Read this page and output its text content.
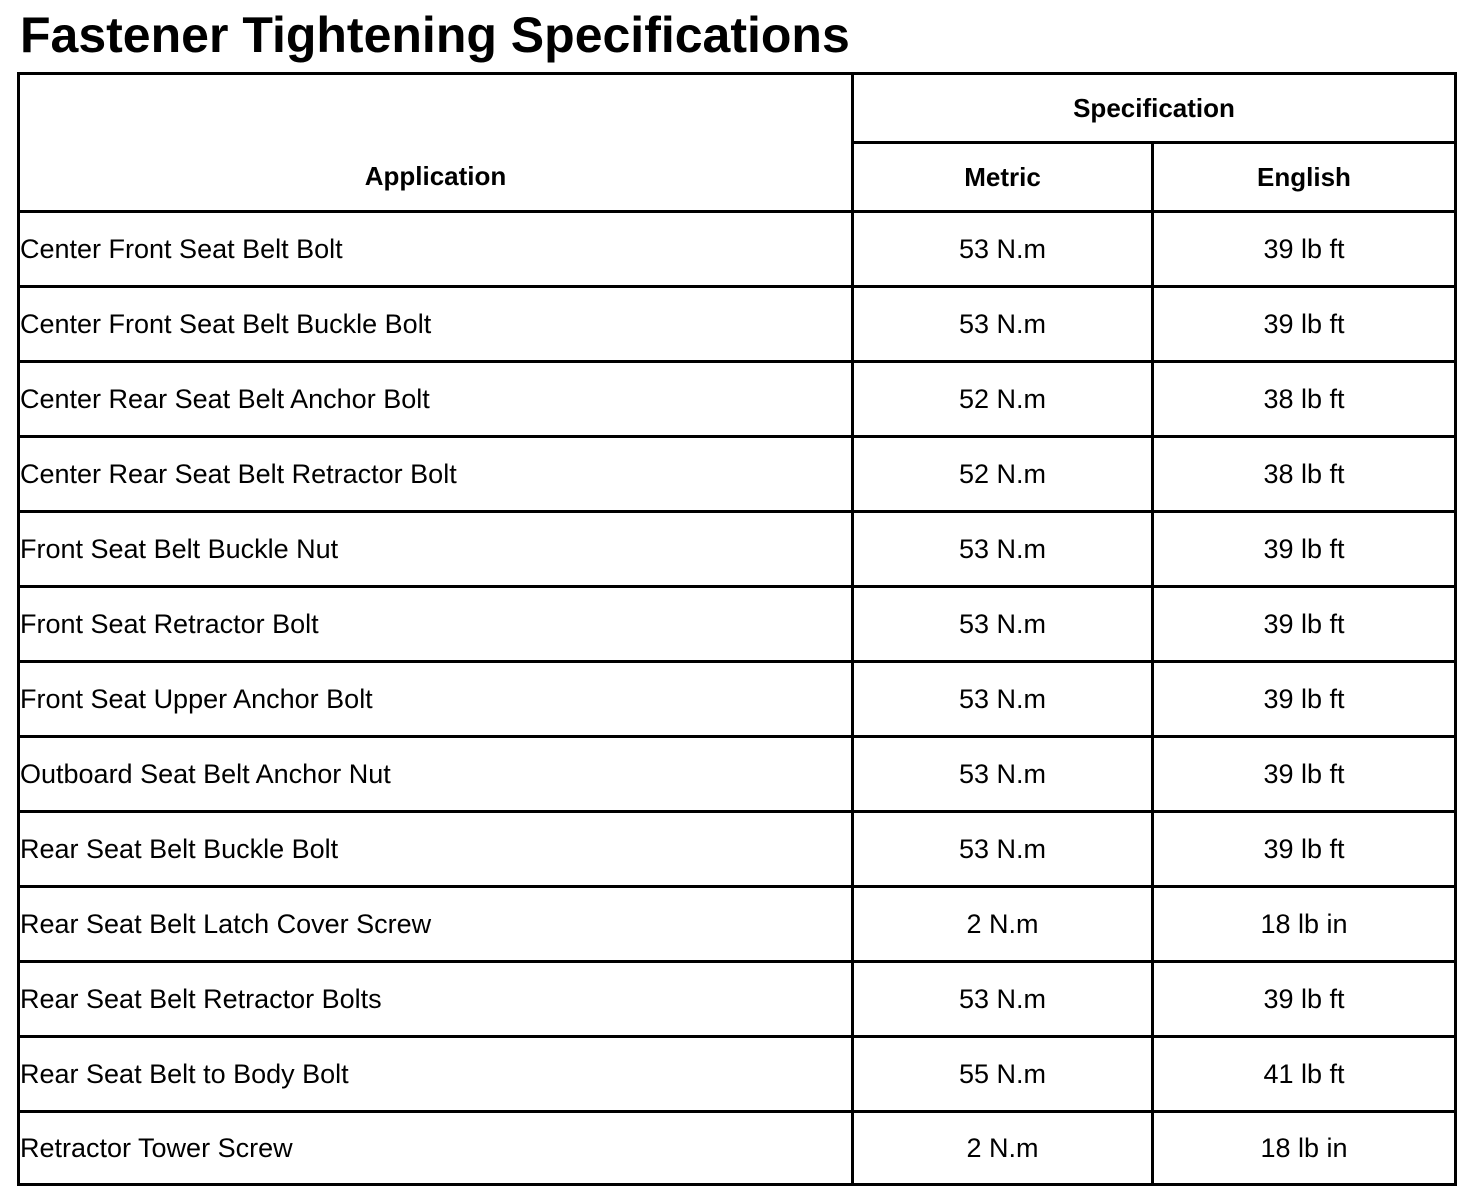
Fastener Tightening Specifications
Application	Specification	
	Metric	English
Center Front Seat Belt Bolt	53 N.m	39 lb ft
Center Front Seat Belt Buckle Bolt	53 N.m	39 lb ft
Center Rear Seat Belt Anchor Bolt	52 N.m	38 lb ft
Center Rear Seat Belt Retractor Bolt	52 N.m	38 lb ft
Front Seat Belt Buckle Nut	53 N.m	39 lb ft
Front Seat Retractor Bolt	53 N.m	39 lb ft
Front Seat Upper Anchor Bolt	53 N.m	39 lb ft
Outboard Seat Belt Anchor Nut	53 N.m	39 lb ft
Rear Seat Belt Buckle Bolt	53 N.m	39 lb ft
Rear Seat Belt Latch Cover Screw	2 N.m	18 lb in
Rear Seat Belt Retractor Bolts	53 N.m	39 lb ft
Rear Seat Belt to Body Bolt	55 N.m	41 lb ft
Retractor Tower Screw	2 N.m	18 lb in
